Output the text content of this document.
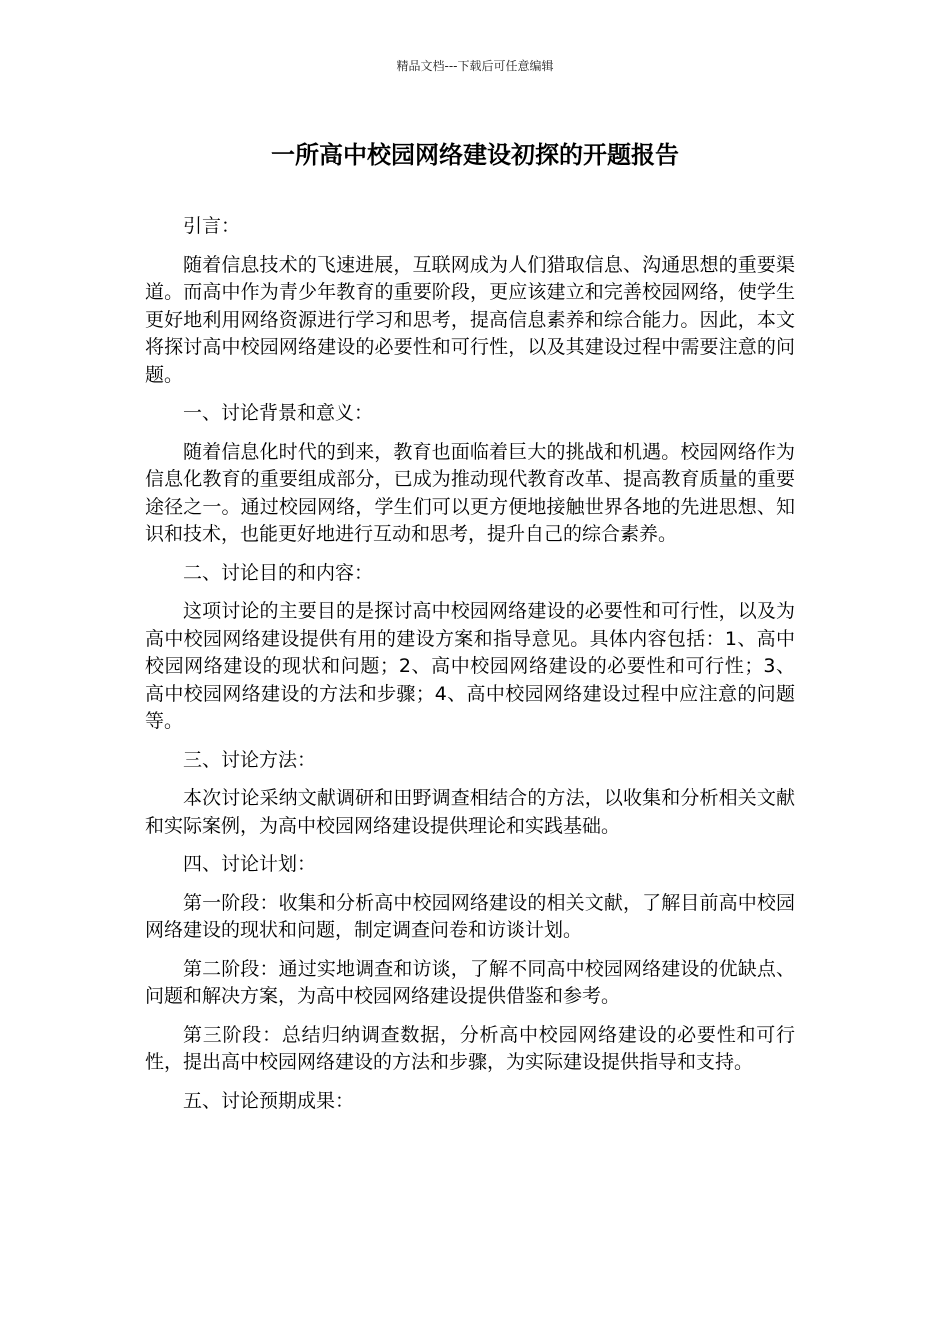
精品文档---下载后可任意编辑
一所高中校园网络建设初探的开题报告

引言：

随着信息技术的飞速进展，互联网成为人们猎取信息、沟通思想的重要渠道。而高中作为青少年教育的重要阶段，更应该建立和完善校园网络，使学生更好地利用网络资源进行学习和思考，提高信息素养和综合能力。因此，本文将探讨高中校园网络建设的必要性和可行性，以及其建设过程中需要注意的问题。

一、讨论背景和意义：

随着信息化时代的到来，教育也面临着巨大的挑战和机遇。校园网络作为信息化教育的重要组成部分，已成为推动现代教育改革、提高教育质量的重要途径之一。通过校园网络，学生们可以更方便地接触世界各地的先进思想、知识和技术，也能更好地进行互动和思考，提升自己的综合素养。

二、讨论目的和内容：

这项讨论的主要目的是探讨高中校园网络建设的必要性和可行性，以及为高中校园网络建设提供有用的建设方案和指导意见。具体内容包括：1、高中校园网络建设的现状和问题；2、高中校园网络建设的必要性和可行性；3、高中校园网络建设的方法和步骤；4、高中校园网络建设过程中应注意的问题等。

三、讨论方法：

本次讨论采纳文献调研和田野调查相结合的方法，以收集和分析相关文献和实际案例，为高中校园网络建设提供理论和实践基础。

四、讨论计划：

第一阶段：收集和分析高中校园网络建设的相关文献，了解目前高中校园网络建设的现状和问题，制定调查问卷和访谈计划。

第二阶段：通过实地调查和访谈，了解不同高中校园网络建设的优缺点、问题和解决方案，为高中校园网络建设提供借鉴和参考。

第三阶段：总结归纳调查数据，分析高中校园网络建设的必要性和可行性，提出高中校园网络建设的方法和步骤，为实际建设提供指导和支持。

五、讨论预期成果：
